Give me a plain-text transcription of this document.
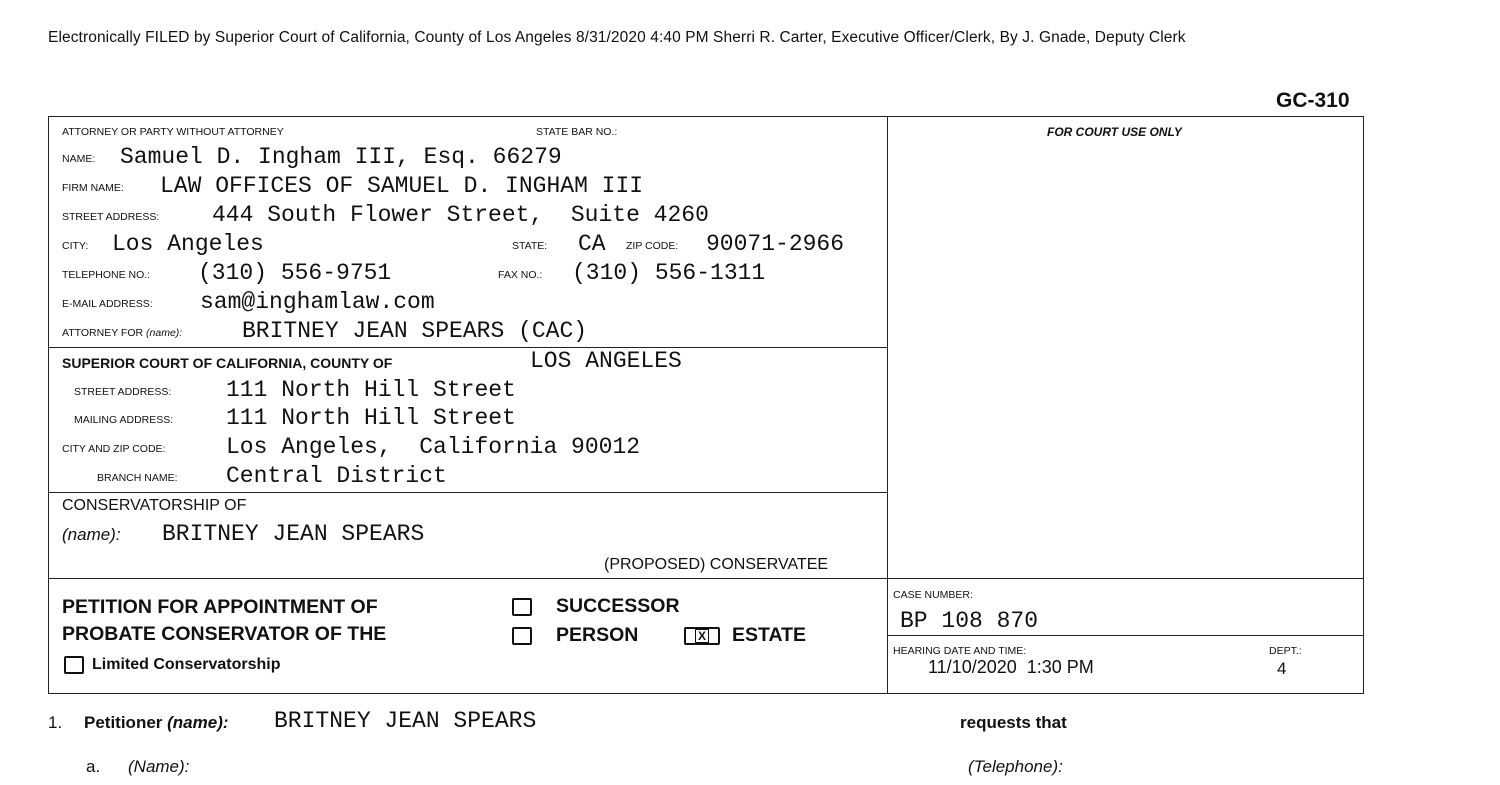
Electronically FILED by Superior Court of California, County of Los Angeles 8/31/2020 4:40 PM Sherri R. Carter, Executive Officer/Clerk, By J. Gnade, Deputy Clerk
GC-310
ATTORNEY OR PARTY WITHOUT ATTORNEY	STATE BAR NO.:
NAME: Samuel D. Ingham III, Esq. 66279
FIRM NAME: LAW OFFICES OF SAMUEL D. INGHAM III
STREET ADDRESS: 444 South Flower Street,  Suite 4260
CITY: Los Angeles	STATE: CA ZIP CODE: 90071-2966
TELEPHONE NO.: (310) 556-9751	FAX NO.: (310) 556-1311
E-MAIL ADDRESS: sam@inghamlaw.com
ATTORNEY FOR (name):	BRITNEY JEAN SPEARS (CAC)
FOR COURT USE ONLY
SUPERIOR COURT OF CALIFORNIA, COUNTY OF	LOS ANGELES
STREET ADDRESS: 111 North Hill Street
MAILING ADDRESS: 111 North Hill Street
CITY AND ZIP CODE:	Los Angeles,  California 90012
BRANCH NAME: Central District
CONSERVATORSHIP OF
(name): BRITNEY JEAN SPEARS
(PROPOSED) CONSERVATEE
PETITION FOR APPOINTMENT OF
PROBATE CONSERVATOR OF THE
Limited Conservatorship
SUCCESSOR
PERSON	X ESTATE
CASE NUMBER:
BP 108 870
HEARING DATE AND TIME:
11/10/2020  1:30 PM
DEPT.:
4
1. Petitioner (name): BRITNEY JEAN SPEARS	requests that
a. (Name):	(Telephone):
